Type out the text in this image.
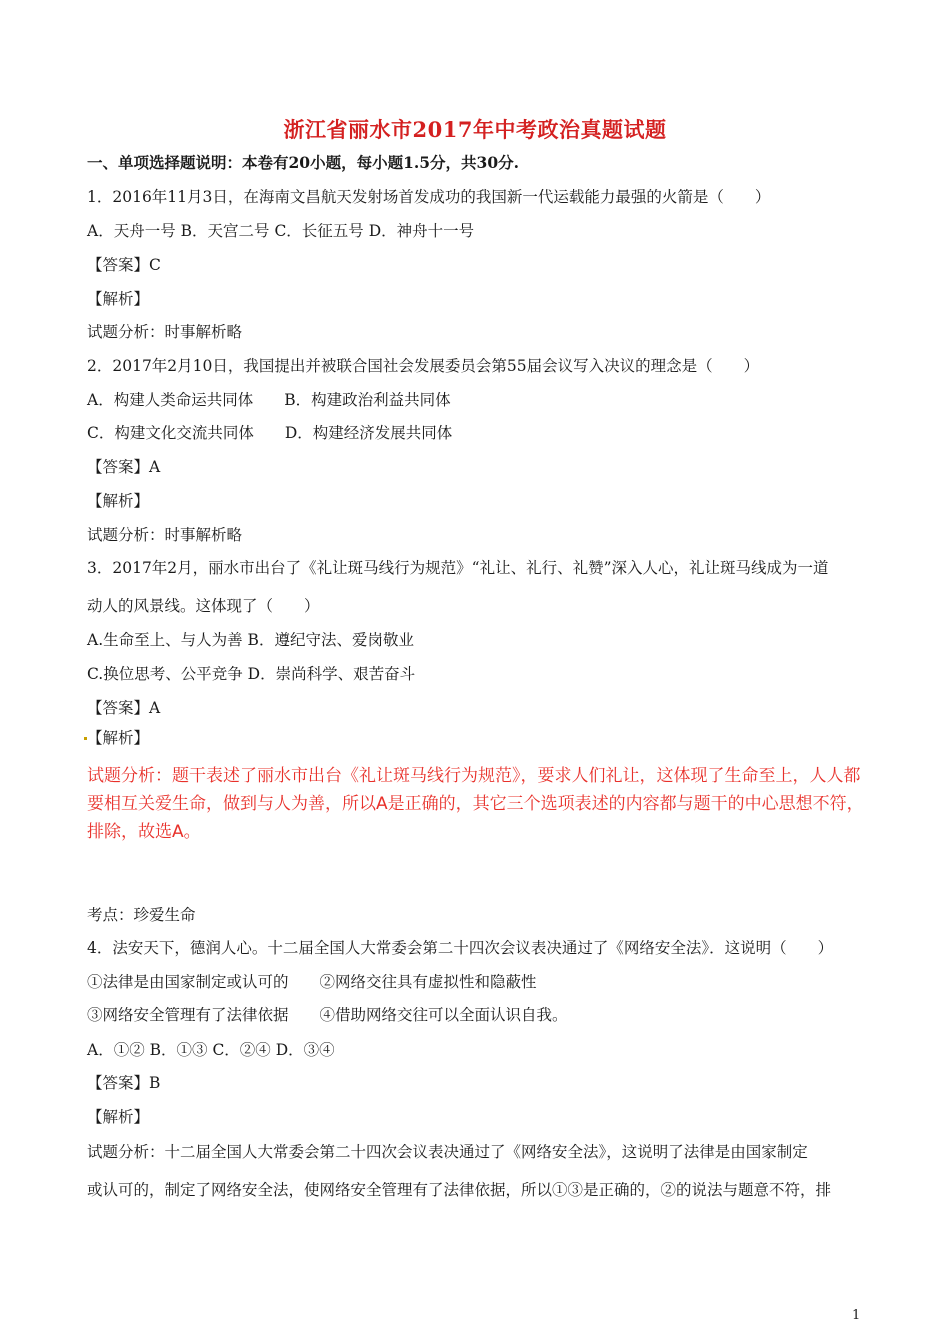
浙江省丽水市2017年中考政治真题试题
一、单项选择题说明：本卷有20小题，每小题1.5分，共30分.
1．2016年11月3日，在海南文昌航天发射场首发成功的我国新一代运载能力最强的火箭是（　　）
A．天舟一号 B．天宫二号 C．长征五号 D．神舟十一号
【答案】C
【解析】
试题分析：时事解析略
2．2017年2月10日，我国提出并被联合国社会发展委员会第55届会议写入决议的理念是（　　）
A．构建人类命运共同体　　B．构建政治利益共同体
C．构建文化交流共同体　　D．构建经济发展共同体
【答案】A
【解析】
试题分析：时事解析略
3．2017年2月，丽水市出台了《礼让斑马线行为规范》“礼让、礼行、礼赞”深入人心，礼让斑马线成为一道
动人的风景线。这体现了（　　）
A.生命至上、与人为善 B．遵纪守法、爱岗敬业
C.换位思考、公平竞争 D．崇尚科学、艰苦奋斗
【答案】A
【解析】
试题分析：题干表述了丽水市出台《礼让斑马线行为规范》，要求人们礼让，这体现了生命至上，人人都要相互关爱生命，做到与人为善，所以A是正确的，其它三个选项表述的内容都与题干的中心思想不符，排除，故选A。
考点：珍爱生命
4．法安天下，德润人心。十二届全国人大常委会第二十四次会议表决通过了《网络安全法》．这说明（　　）
①法律是由国家制定或认可的　　②网络交往具有虚拟性和隐蔽性
③网络安全管理有了法律依据　　④借助网络交往可以全面认识自我。
A．①② B．①③ C．②④ D．③④
【答案】B
【解析】
试题分析：十二届全国人大常委会第二十四次会议表决通过了《网络安全法》，这说明了法律是由国家制定
或认可的，制定了网络安全法，使网络安全管理有了法律依据，所以①③是正确的，②的说法与题意不符，排
1
